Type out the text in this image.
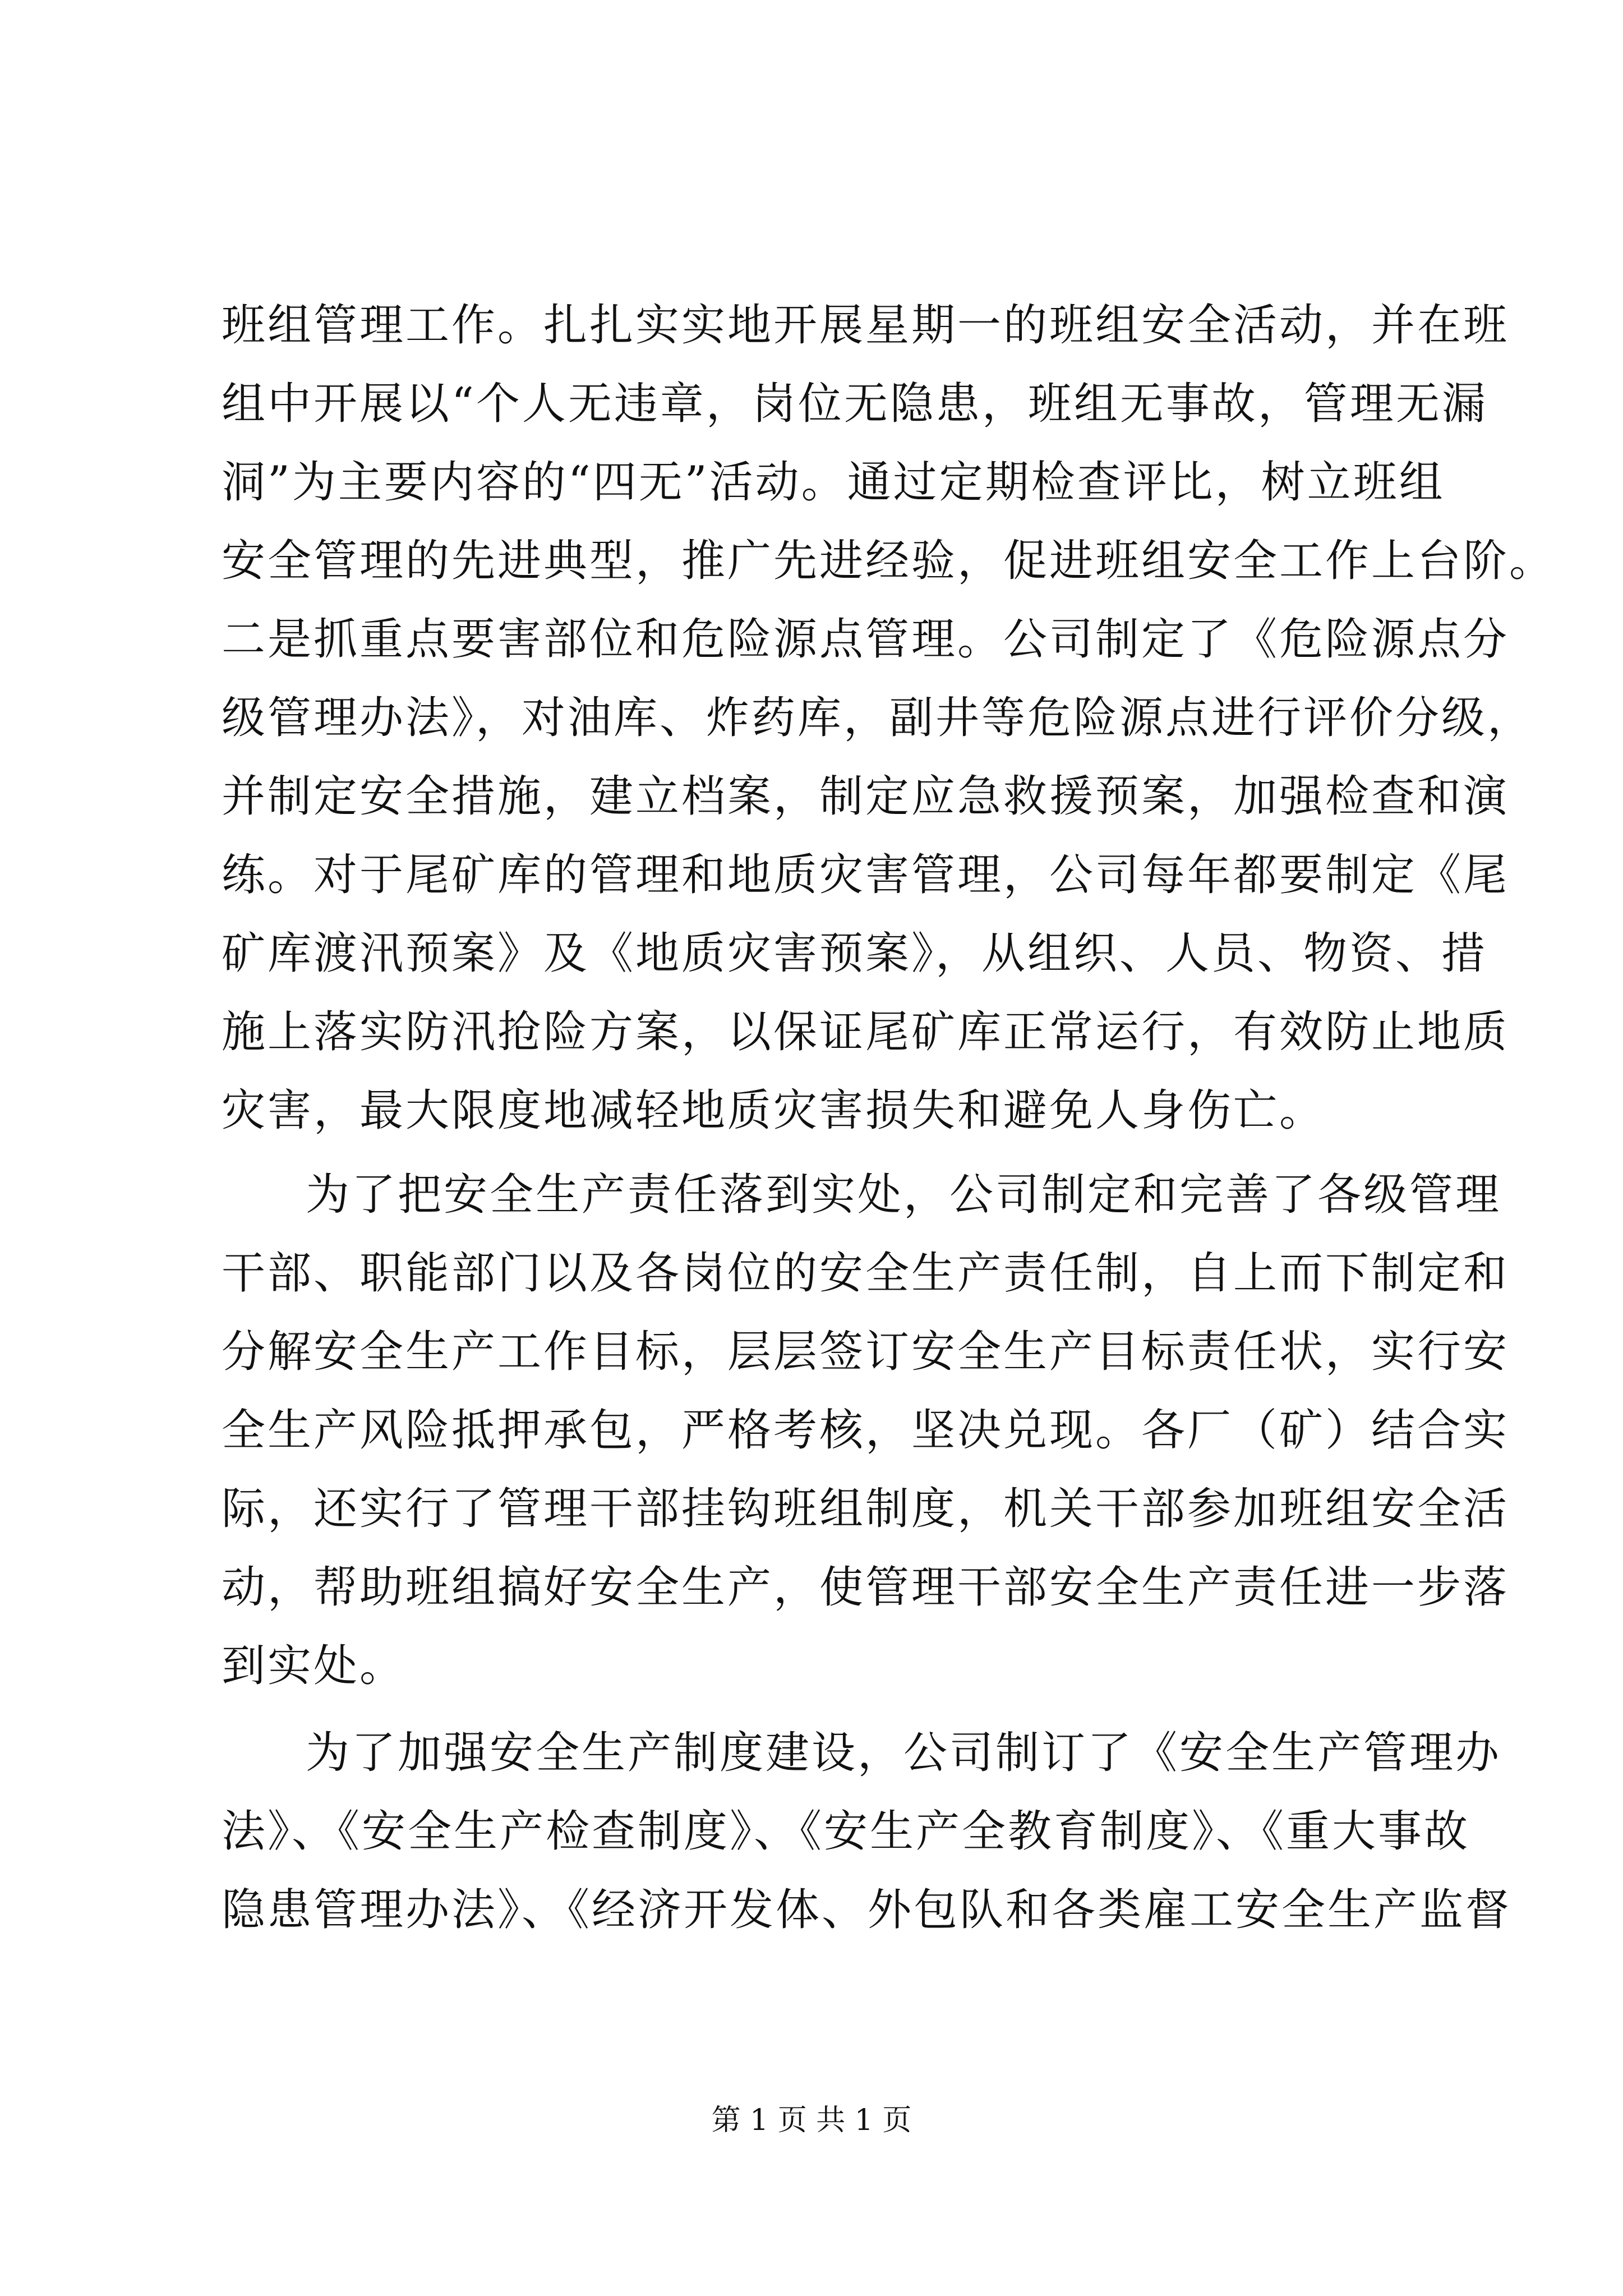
班组管理工作。扎扎实实地开展星期一的班组安全活动，并在班
组中开展以“个人无违章，岗位无隐患，班组无事故，管理无漏
洞”为主要内容的“四无”活动。通过定期检查评比，树立班组
安全管理的先进典型，推广先进经验，促进班组安全工作上台阶。
二是抓重点要害部位和危险源点管理。公司制定了《危险源点分
级管理办法》，对油库、炸药库，副井等危险源点进行评价分级，
并制定安全措施，建立档案，制定应急救援预案，加强检查和演
练。对于尾矿库的管理和地质灾害管理，公司每年都要制定《尾
矿库渡汛预案》及《地质灾害预案》，从组织、人员、物资、措
施上落实防汛抢险方案，以保证尾矿库正常运行，有效防止地质
灾害，最大限度地减轻地质灾害损失和避免人身伤亡。
为了把安全生产责任落到实处，公司制定和完善了各级管理
干部、职能部门以及各岗位的安全生产责任制，自上而下制定和
分解安全生产工作目标，层层签订安全生产目标责任状，实行安
全生产风险抵押承包，严格考核，坚决兑现。各厂（矿）结合实
际，还实行了管理干部挂钩班组制度，机关干部参加班组安全活
动，帮助班组搞好安全生产，使管理干部安全生产责任进一步落
到实处。
为了加强安全生产制度建设，公司制订了《安全生产管理办
法》、《安全生产检查制度》、《安生产全教育制度》、《重大事故
隐患管理办法》、《经济开发体、外包队和各类雇工安全生产监督
第 1 页 共 1 页
